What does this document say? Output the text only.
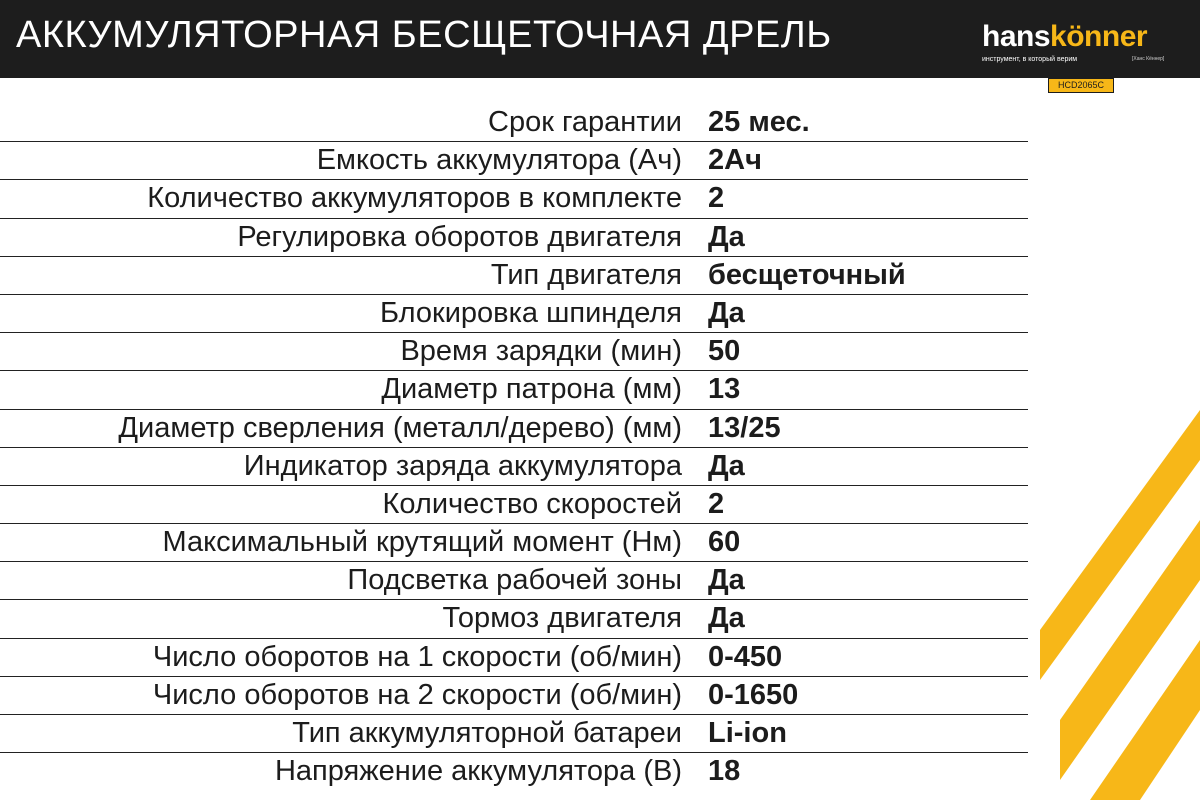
АККУМУЛЯТОРНАЯ БЕСЩЕТОЧНАЯ ДРЕЛЬ	hanskönner
инструмент, в который верим	[Ханс Кённер]
HCD2065C
Срок гарантии 25 мес.
Емкость аккумулятора (Ач) 2Ач
Количество аккумуляторов в комплекте 2
Регулировка оборотов двигателя Да
Тип двигателя бесщеточный
Блокировка шпинделя Да
Время зарядки (мин) 50
Диаметр патрона (мм) 13
Диаметр сверления (металл/дерево) (мм) 13/25
Индикатор заряда аккумулятора Да
Количество скоростей 2
Максимальный крутящий момент (Нм) 60
Подсветка рабочей зоны Да
Тормоз двигателя Да
Число оборотов на 1 скорости (об/мин) 0-450
Число оборотов на 2 скорости (об/мин) 0-1650
Тип аккумуляторной батареи Li-ion
Напряжение аккумулятора (В) 18
